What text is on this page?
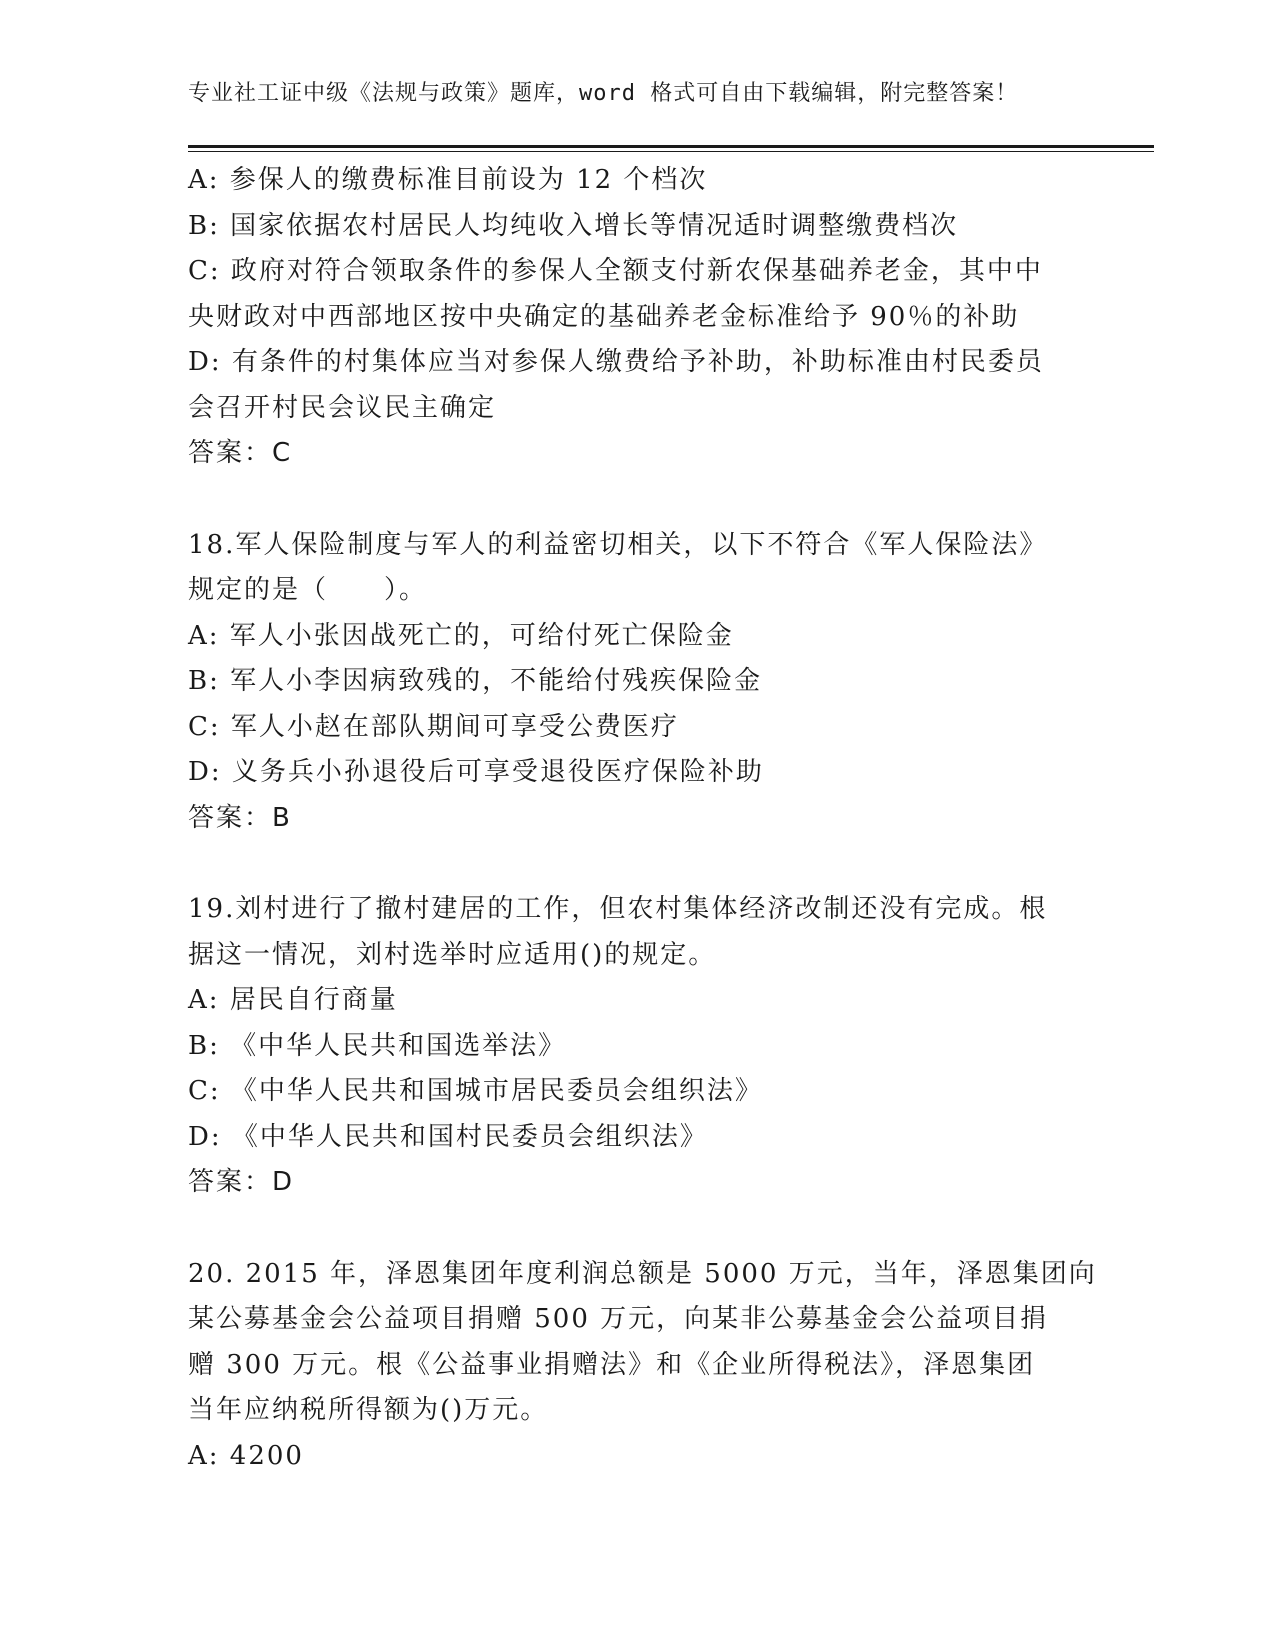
专业社工证中级《法规与政策》题库，word 格式可自由下载编辑，附完整答案！
A: 参保人的缴费标准目前设为 12 个档次
B: 国家依据农村居民人均纯收入增长等情况适时调整缴费档次
C: 政府对符合领取条件的参保人全额支付新农保基础养老金，其中中
央财政对中西部地区按中央确定的基础养老金标准给予 90％的补助
D: 有条件的村集体应当对参保人缴费给予补助，补助标准由村民委员
会召开村民会议民主确定
答案：C
18.军人保险制度与军人的利益密切相关，以下不符合《军人保险法》
规定的是（　　）。
A: 军人小张因战死亡的，可给付死亡保险金
B: 军人小李因病致残的，不能给付残疾保险金
C: 军人小赵在部队期间可享受公费医疗
D: 义务兵小孙退役后可享受退役医疗保险补助
答案：B
19.刘村进行了撤村建居的工作，但农村集体经济改制还没有完成。根
据这一情况，刘村选举时应适用()的规定。
A: 居民自行商量
B: 《中华人民共和国选举法》
C: 《中华人民共和国城市居民委员会组织法》
D: 《中华人民共和国村民委员会组织法》
答案：D
20. 2015 年，泽恩集团年度利润总额是 5000 万元，当年，泽恩集团向
某公募基金会公益项目捐赠 500 万元，向某非公募基金会公益项目捐
赠 300 万元。根《公益事业捐赠法》和《企业所得税法》，泽恩集团
当年应纳税所得额为()万元。
A: 4200
